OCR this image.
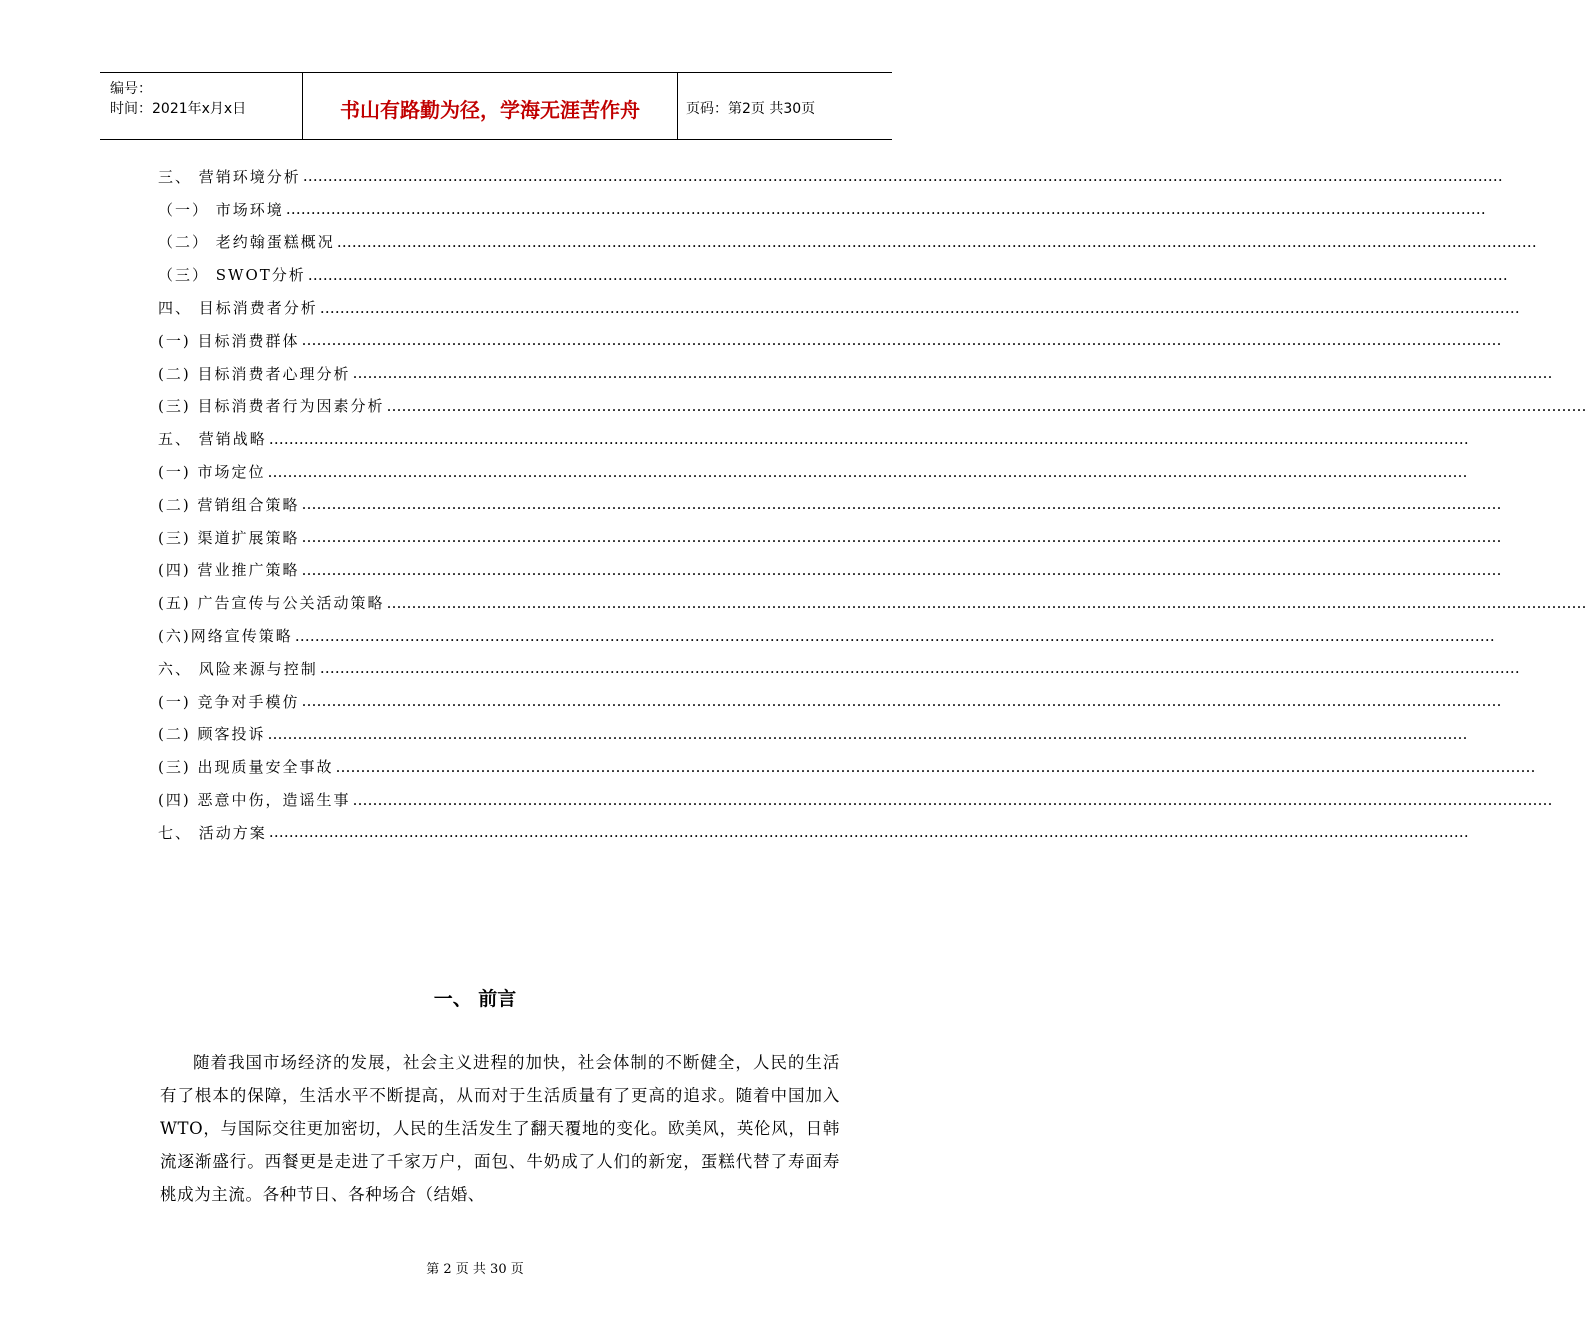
编号：
时间：2021年x月x日	书山有路勤为径，学海无涯苦作舟	页码：第2页 共30页
三、 营销环境分析 ……………………………………………………………………………………………………………………………………………………………………………………………………………………
（一） 市场环境 ……………………………………………………………………………………………………………………………………………………………………………………………………………………
（二） 老约翰蛋糕概况 ……………………………………………………………………………………………………………………………………………………………………………………………………………………
（三） SWOT分析 ……………………………………………………………………………………………………………………………………………………………………………………………………………………
四、 目标消费者分析 ……………………………………………………………………………………………………………………………………………………………………………………………………………………
(一) 目标消费群体 ……………………………………………………………………………………………………………………………………………………………………………………………………………………
(二) 目标消费者心理分析 ……………………………………………………………………………………………………………………………………………………………………………………………………………………
(三) 目标消费者行为因素分析 ……………………………………………………………………………………………………………………………………………………………………………………………………………………
五、 营销战略 ……………………………………………………………………………………………………………………………………………………………………………………………………………………
(一) 市场定位 ……………………………………………………………………………………………………………………………………………………………………………………………………………………
(二) 营销组合策略 ……………………………………………………………………………………………………………………………………………………………………………………………………………………
(三) 渠道扩展策略 ……………………………………………………………………………………………………………………………………………………………………………………………………………………
(四) 营业推广策略 ……………………………………………………………………………………………………………………………………………………………………………………………………………………
(五) 广告宣传与公关活动策略 ……………………………………………………………………………………………………………………………………………………………………………………………………………………
(六)网络宣传策略 ……………………………………………………………………………………………………………………………………………………………………………………………………………………
六、 风险来源与控制 ……………………………………………………………………………………………………………………………………………………………………………………………………………………
(一) 竞争对手模仿 ……………………………………………………………………………………………………………………………………………………………………………………………………………………
(二) 顾客投诉 ……………………………………………………………………………………………………………………………………………………………………………………………………………………
(三) 出现质量安全事故 ……………………………………………………………………………………………………………………………………………………………………………………………………………………
(四) 恶意中伤，造谣生事 ……………………………………………………………………………………………………………………………………………………………………………………………………………………
七、 活动方案 ……………………………………………………………………………………………………………………………………………………………………………………………………………………
一、 前言
随着我国市场经济的发展，社会主义进程的加快，社会体制的不断健全，人民的生活有了根本的保障，生活水平不断提高，从而对于生活质量有了更高的追求。随着中国加入WTO，与国际交往更加密切，人民的生活发生了翻天覆地的变化。欧美风，英伦风，日韩流逐渐盛行。西餐更是走进了千家万户，面包、牛奶成了人们的新宠，蛋糕代替了寿面寿桃成为主流。各种节日、各种场合（结婚、
第 2 页 共 30 页
